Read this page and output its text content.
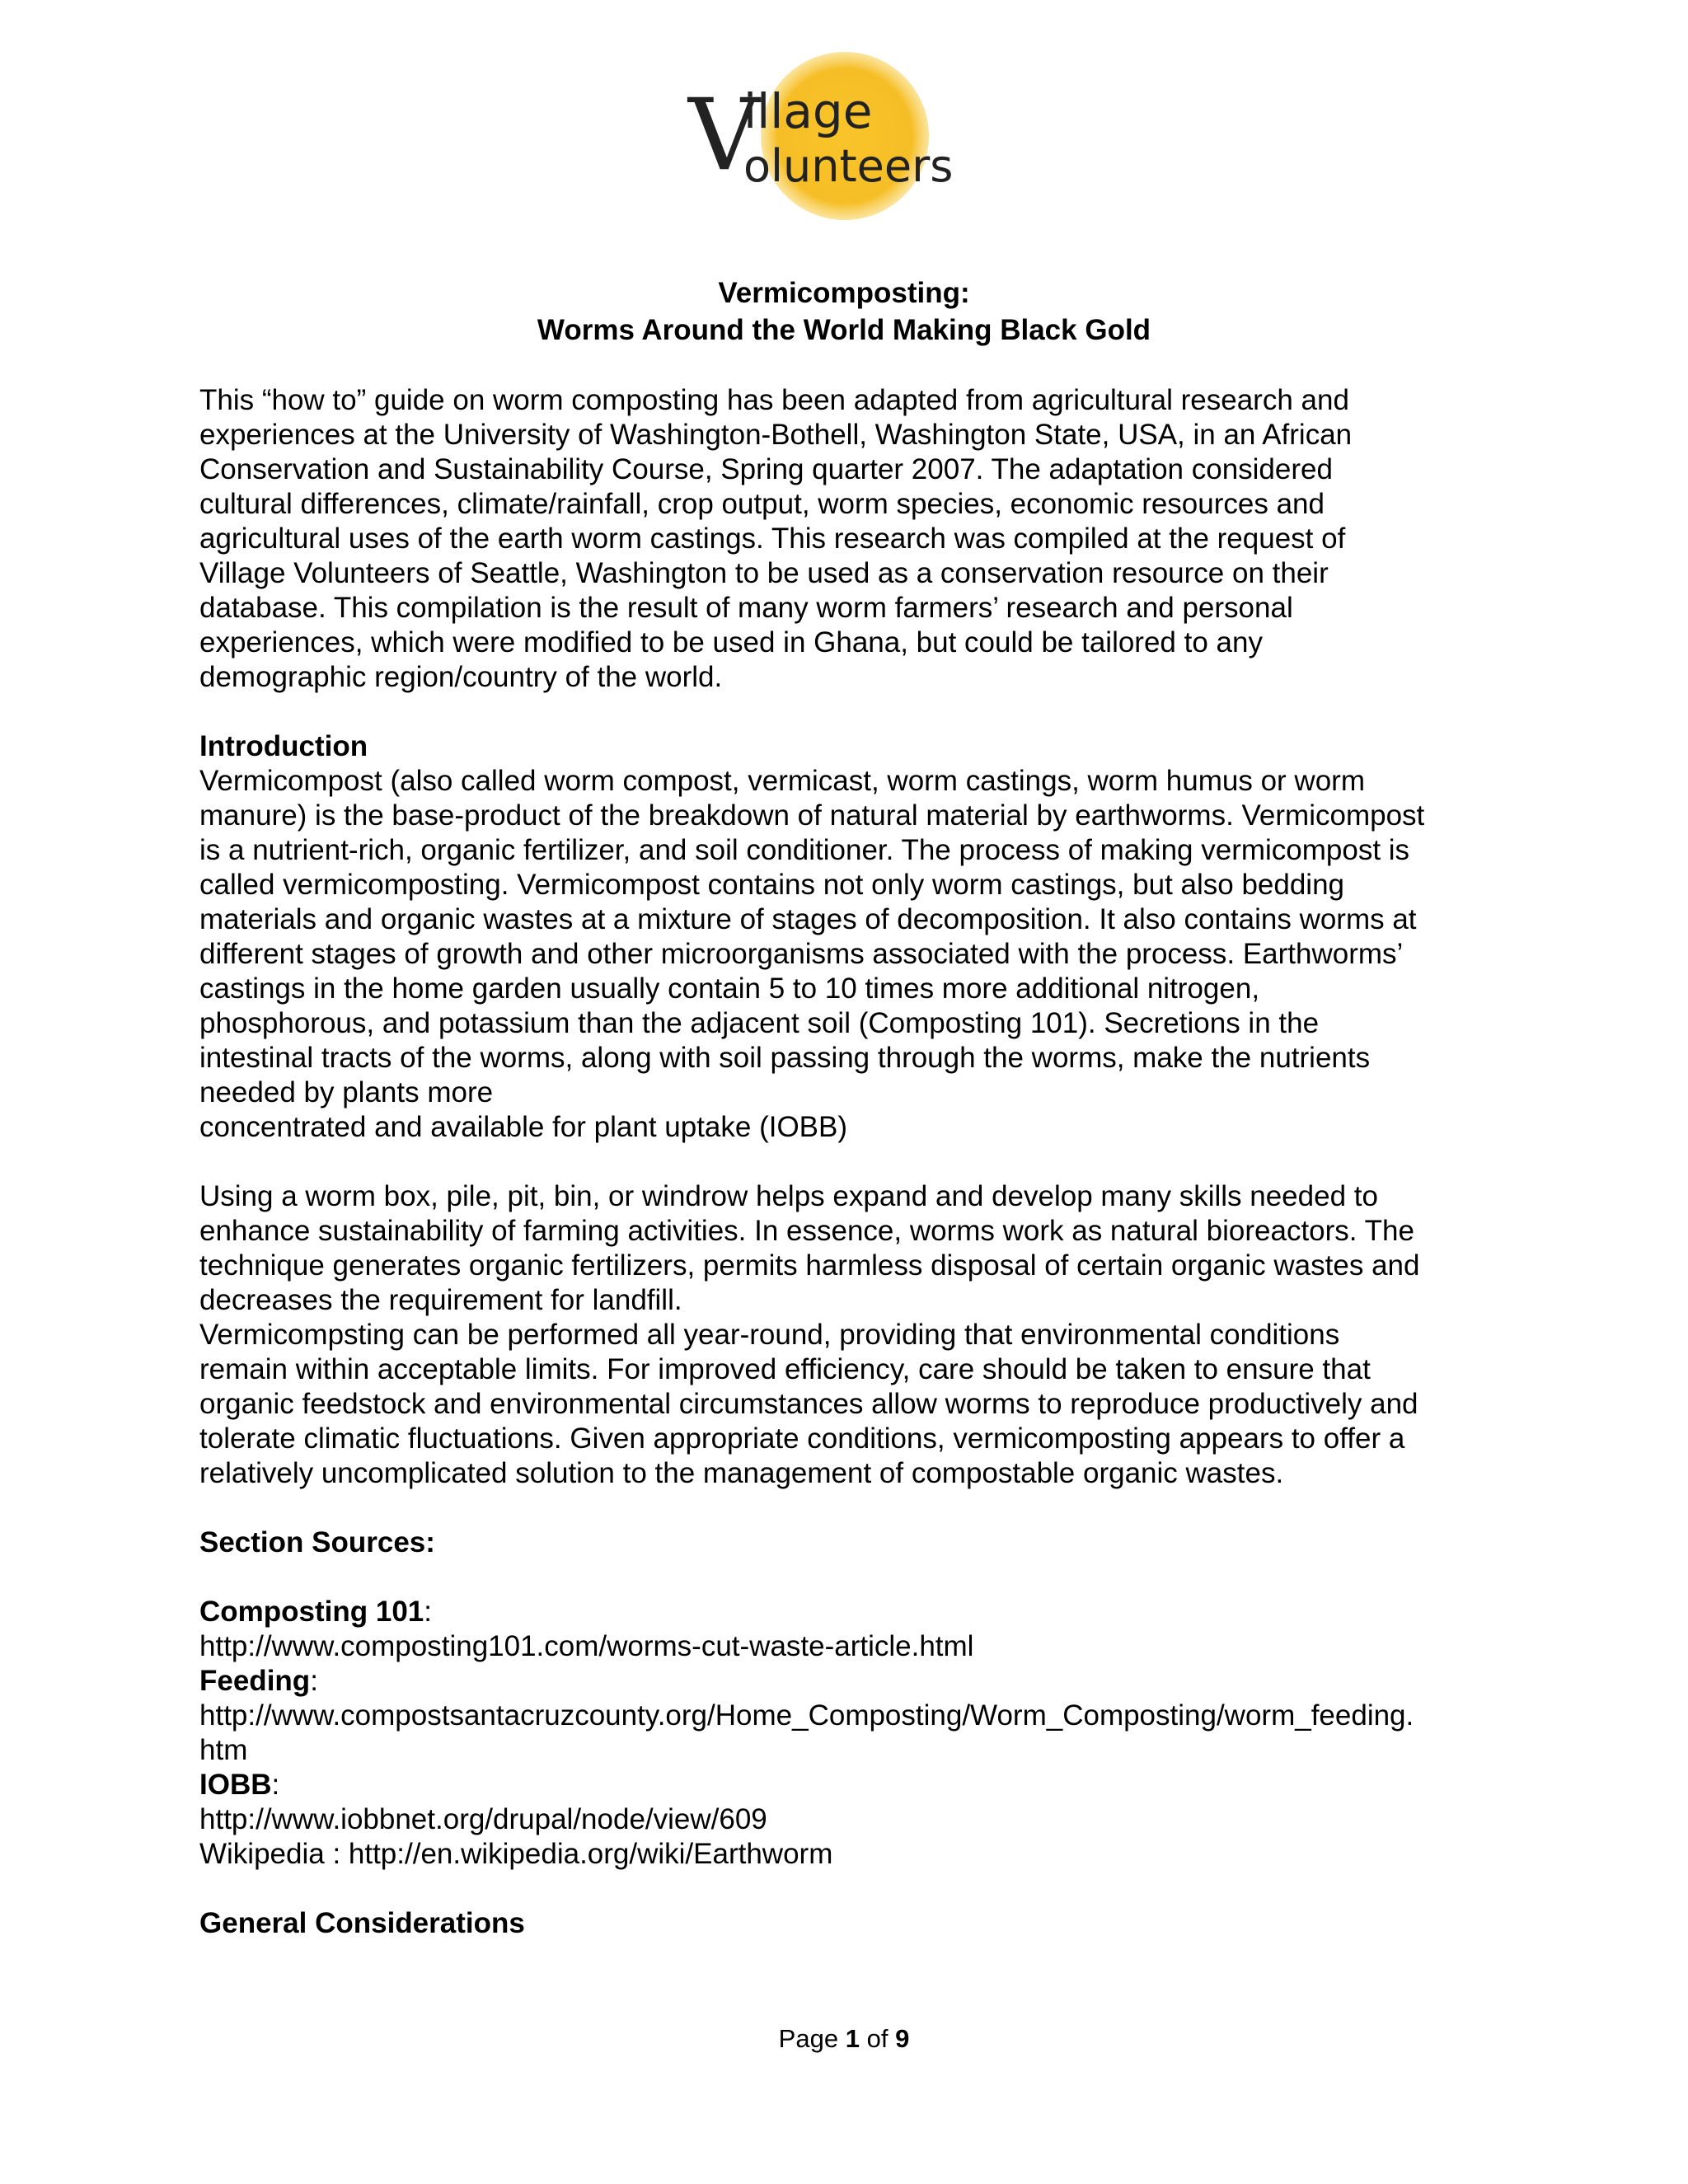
V
illage
olunteers
Vermicomposting:
Worms Around the World Making Black Gold
This “how to” guide on worm composting has been adapted from agricultural research and
experiences at the University of Washington-Bothell, Washington State, USA, in an African
Conservation and Sustainability Course, Spring quarter 2007. The adaptation considered
cultural differences, climate/rainfall, crop output, worm species, economic resources and
agricultural uses of the earth worm castings. This research was compiled at the request of
Village Volunteers of Seattle, Washington to be used as a conservation resource on their
database. This compilation is the result of many worm farmers’ research and personal
experiences, which were modified to be used in Ghana, but could be tailored to any
demographic region/country of the world.
Introduction
Vermicompost (also called worm compost, vermicast, worm castings, worm humus or worm
manure) is the base-product of the breakdown of natural material by earthworms. Vermicompost
is a nutrient-rich, organic fertilizer, and soil conditioner. The process of making vermicompost is
called vermicomposting. Vermicompost contains not only worm castings, but also bedding
materials and organic wastes at a mixture of stages of decomposition. It also contains worms at
different stages of growth and other microorganisms associated with the process. Earthworms’
castings in the home garden usually contain 5 to 10 times more additional nitrogen,
phosphorous, and potassium than the adjacent soil (Composting 101). Secretions in the
intestinal tracts of the worms, along with soil passing through the worms, make the nutrients
needed by plants more
concentrated and available for plant uptake (IOBB)
Using a worm box, pile, pit, bin, or windrow helps expand and develop many skills needed to
enhance sustainability of farming activities. In essence, worms work as natural bioreactors. The
technique generates organic fertilizers, permits harmless disposal of certain organic wastes and
decreases the requirement for landfill.
Vermicompsting can be performed all year-round, providing that environmental conditions
remain within acceptable limits. For improved efficiency, care should be taken to ensure that
organic feedstock and environmental circumstances allow worms to reproduce productively and
tolerate climatic fluctuations. Given appropriate conditions, vermicomposting appears to offer a
relatively uncomplicated solution to the management of compostable organic wastes.
Section Sources:
Composting 101:
http://www.composting101.com/worms-cut-waste-article.html
Feeding:
http://www.compostsantacruzcounty.org/Home_Composting/Worm_Composting/worm_feeding.
htm
IOBB:
http://www.iobbnet.org/drupal/node/view/609
Wikipedia : http://en.wikipedia.org/wiki/Earthworm
General Considerations
Page 1 of 9
